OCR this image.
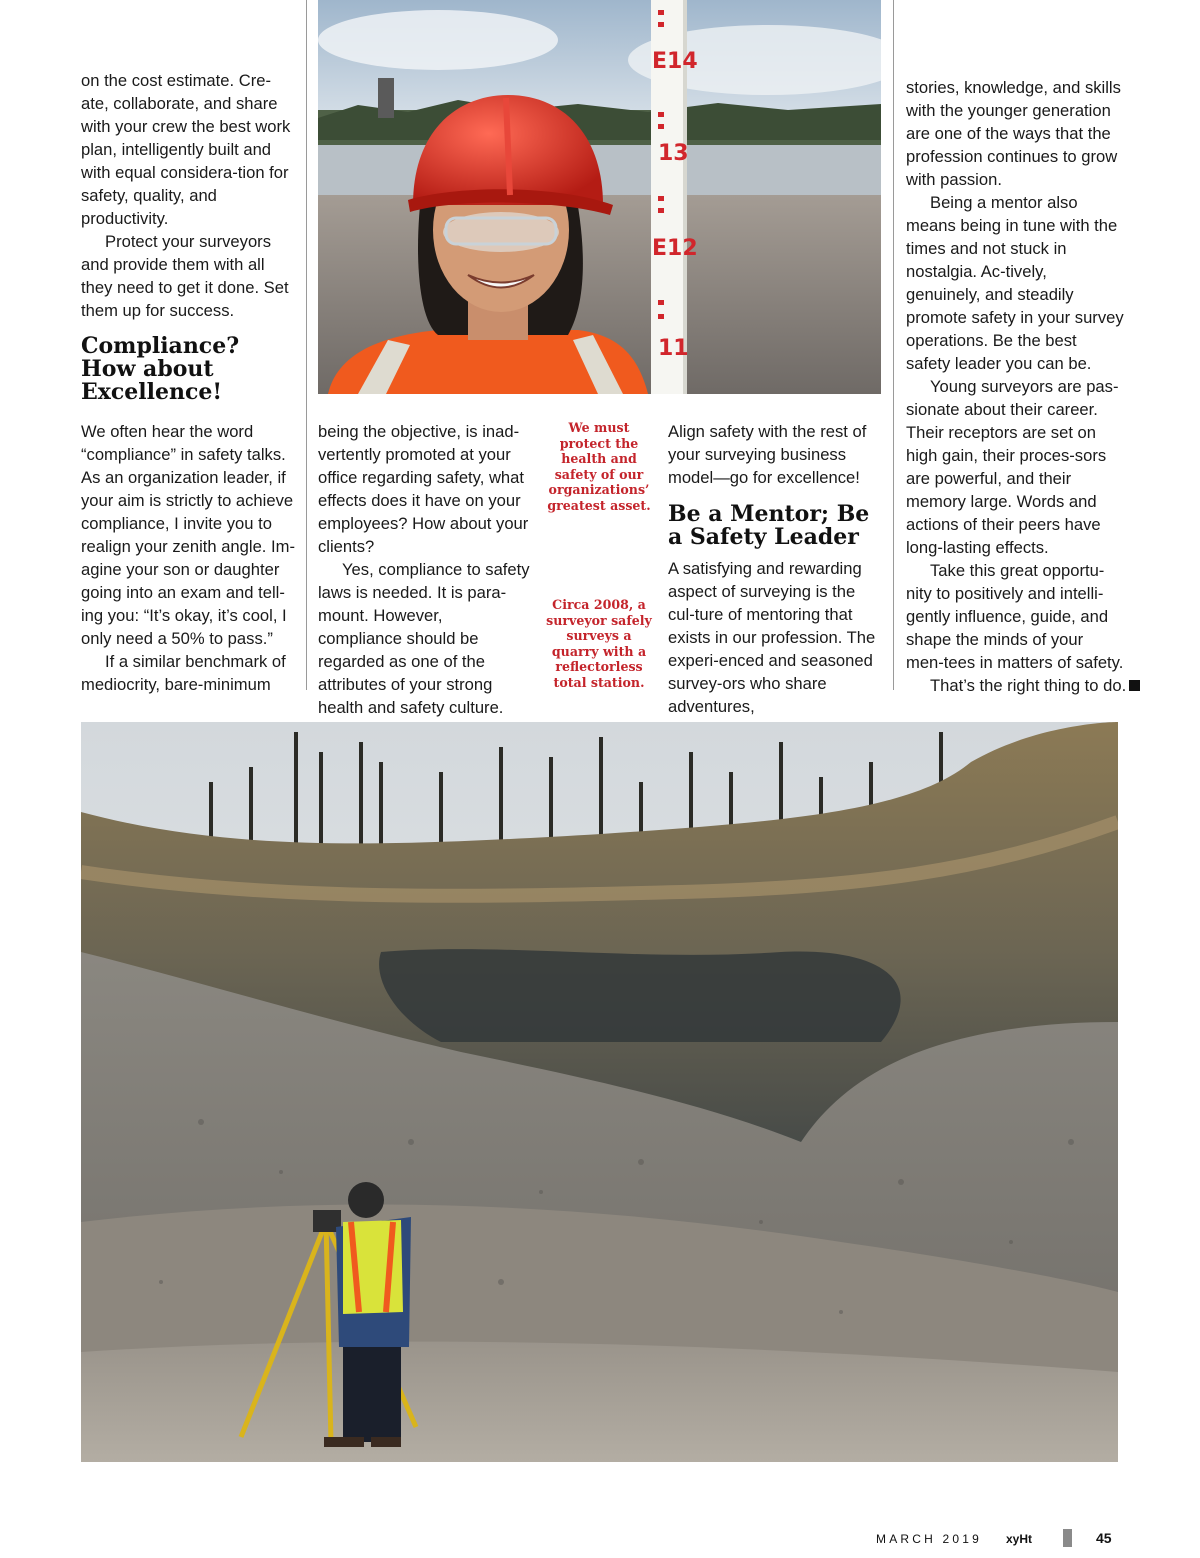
on the cost estimate. Cre-ate, collaborate, and share with your crew the best work plan, intelligently built and with equal considera-tion for safety, quality, and productivity.

Protect your surveyors and provide them with all they need to get it done. Set them up for success.

Compliance? How about Excellence!

We often hear the word “compliance” in safety talks. As an organization leader, if your aim is strictly to achieve compliance, I invite you to realign your zenith angle. Im-agine your son or daughter going into an exam and tell-ing you: “It’s okay, it’s cool, I only need a 50% to pass.”

If a similar benchmark of mediocrity, bare-minimum

being the objective, is inad-vertently promoted at your office regarding safety, what effects does it have on your employees? How about your clients?

Yes, compliance to safety laws is needed. It is para-mount. However, compliance should be regarded as one of the attributes of your strong health and safety culture.

We must protect the health and safety of our organizations’ greatest asset.
Circa 2008, a surveyor safely surveys a quarry with a reflectorless total station.

Align safety with the rest of your surveying business model—go for excellence!

Be a Mentor; Be a Safety Leader

A satisfying and rewarding aspect of surveying is the cul-ture of mentoring that exists in our profession. The experi-enced and seasoned survey-ors who share adventures,

stories, knowledge, and skills with the younger generation are one of the ways that the profession continues to grow with passion.

Being a mentor also means being in tune with the times and not stuck in nostalgia. Ac-tively, genuinely, and steadily promote safety in your survey operations. Be the best safety leader you can be.

Young surveyors are pas-sionate about their career. Their receptors are set on high gain, their proces-sors are powerful, and their memory large. Words and actions of their peers have long-lasting effects.

Take this great opportu-nity to positively and intelli-gently influence, guide, and shape the minds of your men-tees in matters of safety.

That’s the right thing to do.

E14
13
E12
11
MARCH 2019 xyHt	45
